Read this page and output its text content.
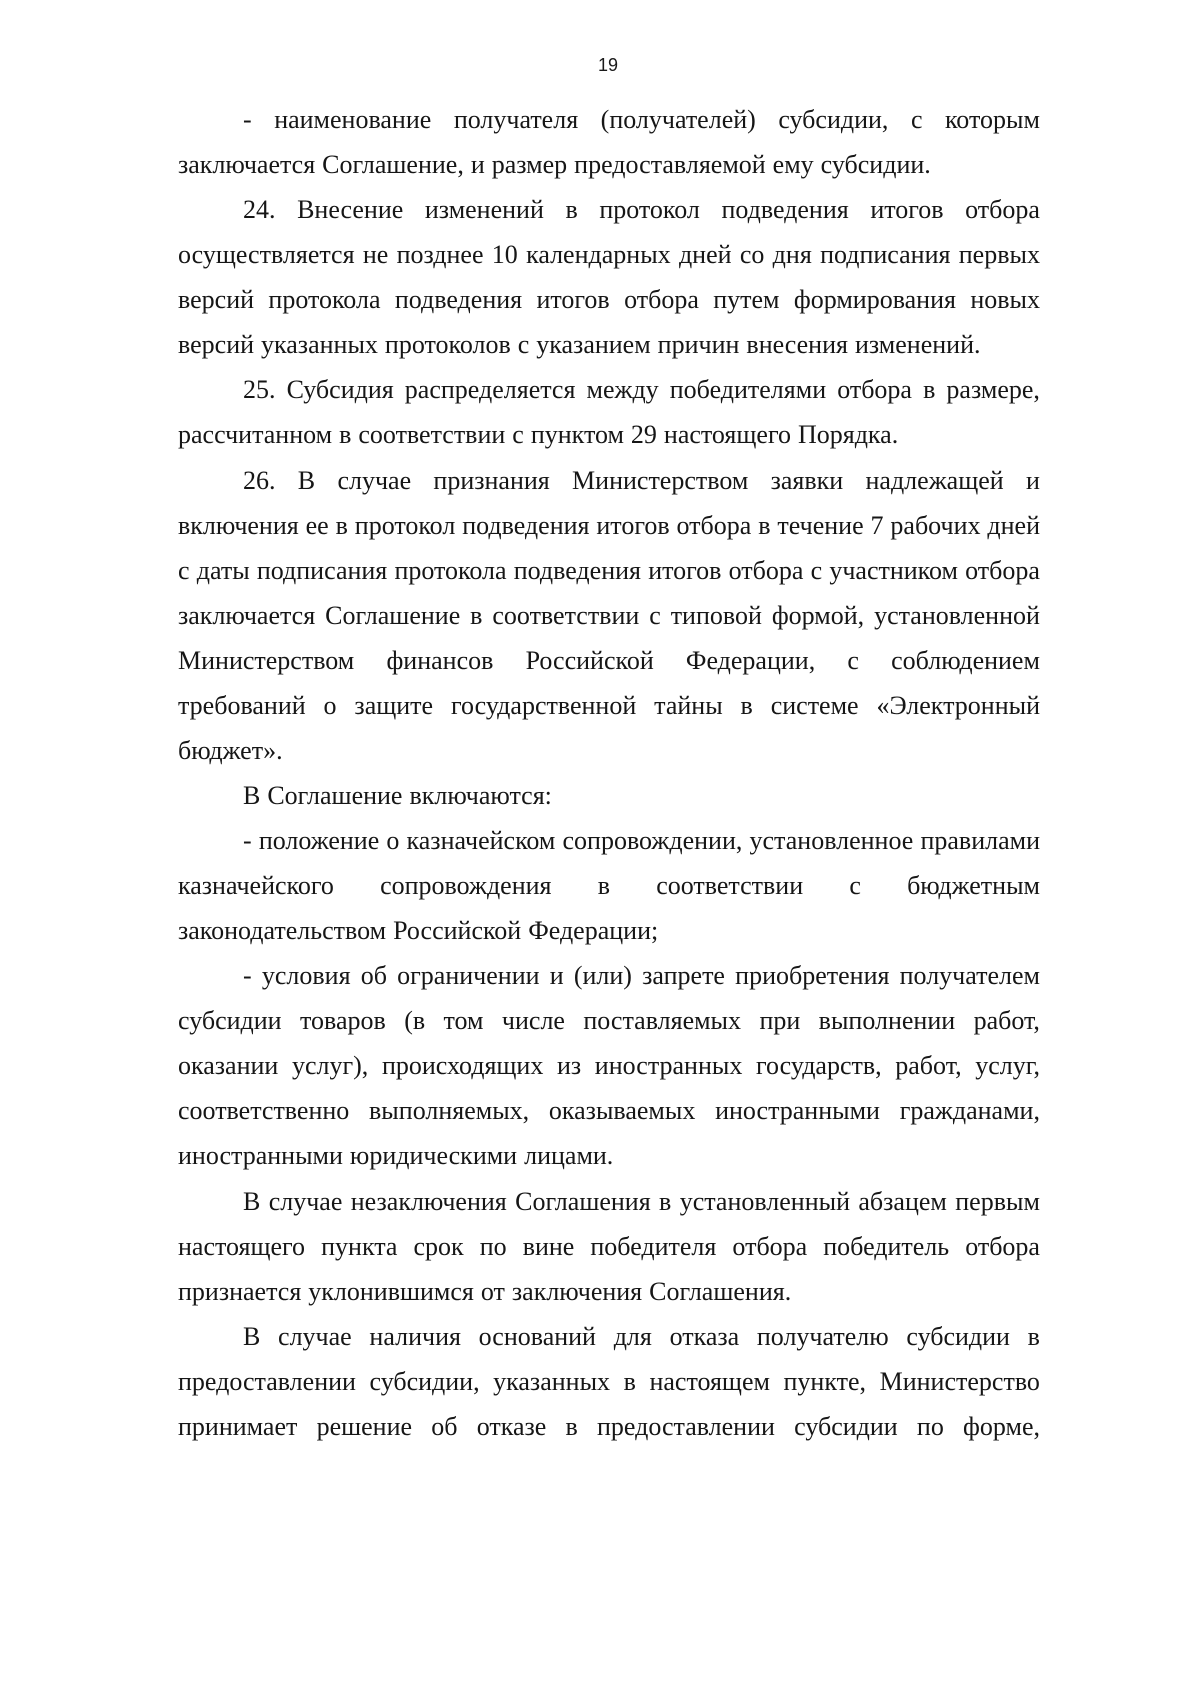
19
- наименование получателя (получателей) субсидии, с которым
заключается Соглашение, и размер предоставляемой ему субсидии.
24. Внесение изменений в протокол подведения итогов отбора
осуществляется не позднее 10 календарных дней со дня подписания первых
версий протокола подведения итогов отбора путем формирования новых
версий указанных протоколов с указанием причин внесения изменений.
25. Субсидия распределяется между победителями отбора в размере,
рассчитанном в соответствии с пунктом 29 настоящего Порядка.
26. В случае признания Министерством заявки надлежащей и
включения ее в протокол подведения итогов отбора в течение 7 рабочих дней
с даты подписания протокола подведения итогов отбора с участником отбора
заключается Соглашение в соответствии с типовой формой, установленной
Министерством финансов Российской Федерации, с соблюдением
требований о защите государственной тайны в системе «Электронный
бюджет».
В Соглашение включаются:
- положение о казначейском сопровождении, установленное правилами
казначейского сопровождения в соответствии с бюджетным
законодательством Российской Федерации;
- условия об ограничении и (или) запрете приобретения получателем
субсидии товаров (в том числе поставляемых при выполнении работ,
оказании услуг), происходящих из иностранных государств, работ, услуг,
соответственно выполняемых, оказываемых иностранными гражданами,
иностранными юридическими лицами.
В случае незаключения Соглашения в установленный абзацем первым
настоящего пункта срок по вине победителя отбора победитель отбора
признается уклонившимся от заключения Соглашения.
В случае наличия оснований для отказа получателю субсидии в
предоставлении субсидии, указанных в настоящем пункте, Министерство
принимает решение об отказе в предоставлении субсидии по форме,
